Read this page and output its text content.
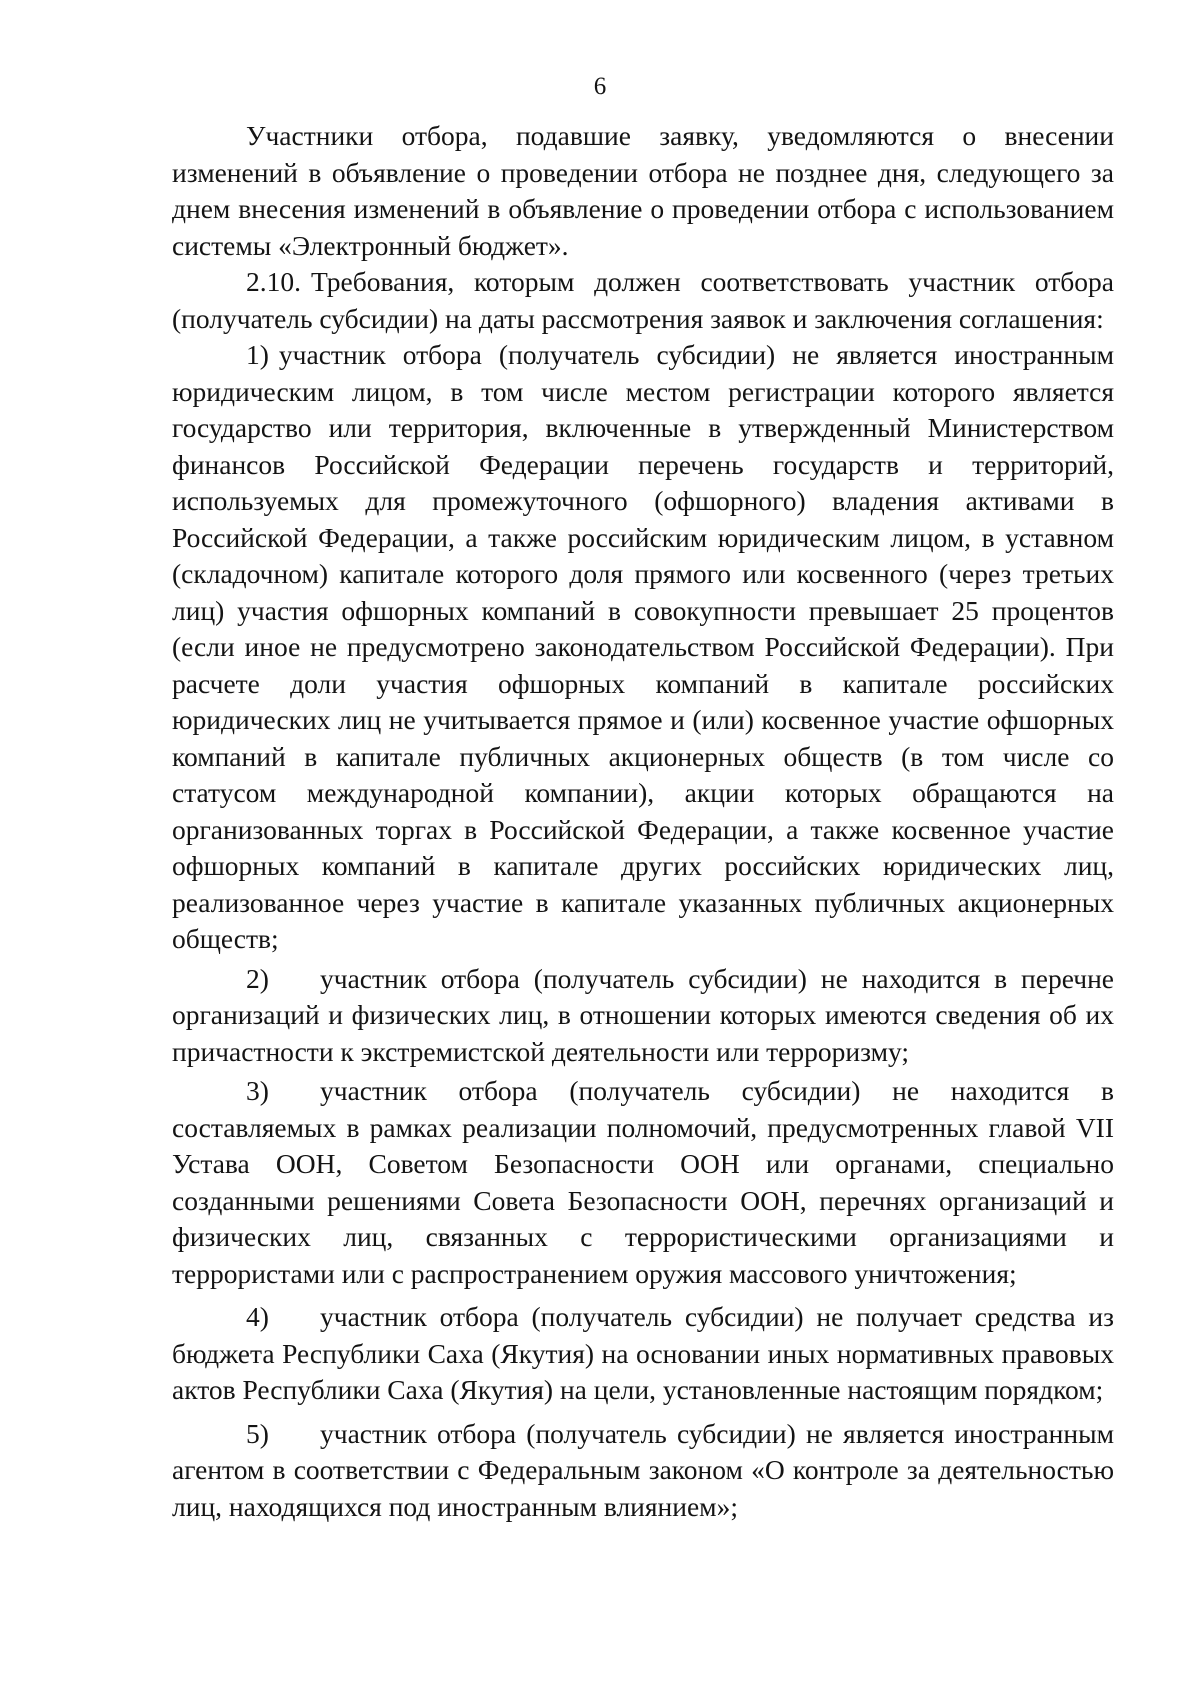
6

Участники отбора, подавшие заявку, уведомляются о внесении изменений в объявление о проведении отбора не позднее дня, следующего за днем внесения изменений в объявление о проведении отбора с использованием системы «Электронный бюджет».

2.10. Требования, которым должен соответствовать участник отбора (получатель субсидии) на даты рассмотрения заявок и заключения соглашения:

1) участник отбора (получатель субсидии) не является иностранным юридическим лицом, в том числе местом регистрации которого является государство или территория, включенные в утвержденный Министерством финансов Российской Федерации перечень государств и территорий, используемых для промежуточного (офшорного) владения активами в Российской Федерации, а также российским юридическим лицом, в уставном (складочном) капитале которого доля прямого или косвенного (через третьих лиц) участия офшорных компаний в совокупности превышает 25 процентов (если иное не предусмотрено законодательством Российской Федерации). При расчете доли участия офшорных компаний в капитале российских юридических лиц не учитывается прямое и (или) косвенное участие офшорных компаний в капитале публичных акционерных обществ (в том числе со статусом международной компании), акции которых обращаются на организованных торгах в Российской Федерации, а также косвенное участие офшорных компаний в капитале других российских юридических лиц, реализованное через участие в капитале указанных публичных акционерных обществ;

2) участник отбора (получатель субсидии) не находится в перечне организаций и физических лиц, в отношении которых имеются сведения об их причастности к экстремистской деятельности или терроризму;

3) участник отбора (получатель субсидии) не находится в составляемых в рамках реализации полномочий, предусмотренных главой VII Устава ООН, Советом Безопасности ООН или органами, специально созданными решениями Совета Безопасности ООН, перечнях организаций и физических лиц, связанных с террористическими организациями и террористами или с распространением оружия массового уничтожения;

4) участник отбора (получатель субсидии) не получает средства из бюджета Республики Саха (Якутия) на основании иных нормативных правовых актов Республики Саха (Якутия) на цели, установленные настоящим порядком;

5) участник отбора (получатель субсидии) не является иностранным агентом в соответствии с Федеральным законом «О контроле за деятельностью лиц, находящихся под иностранным влиянием»;
